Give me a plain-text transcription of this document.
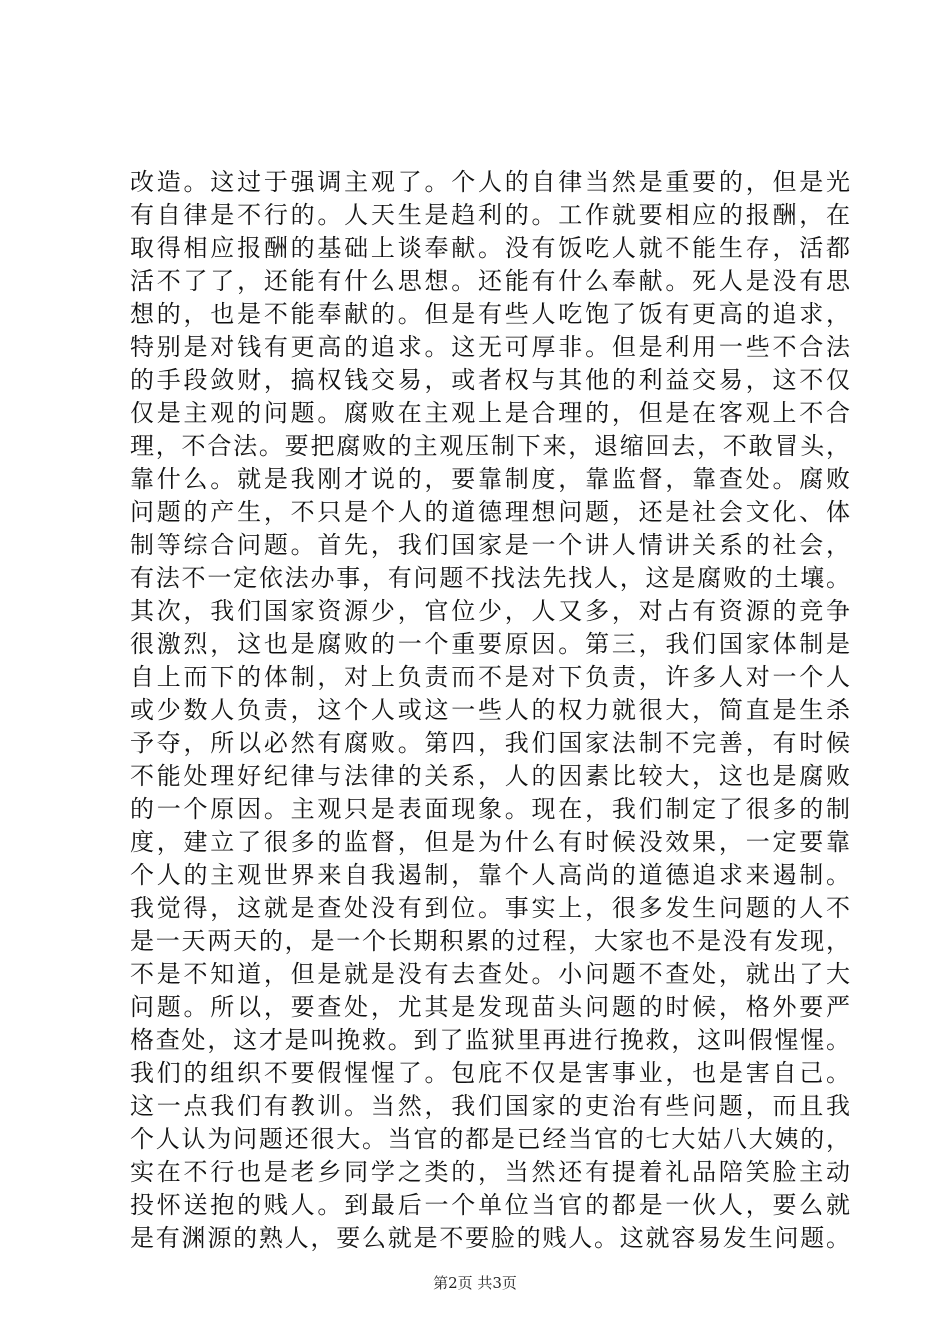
改造。这过于强调主观了。个人的自律当然是重要的，但是光
有自律是不行的。人天生是趋利的。工作就要相应的报酬，在
取得相应报酬的基础上谈奉献。没有饭吃人就不能生存，活都
活不了了，还能有什么思想。还能有什么奉献。死人是没有思
想的，也是不能奉献的。但是有些人吃饱了饭有更高的追求，
特别是对钱有更高的追求。这无可厚非。但是利用一些不合法
的手段敛财，搞权钱交易，或者权与其他的利益交易，这不仅
仅是主观的问题。腐败在主观上是合理的，但是在客观上不合
理，不合法。要把腐败的主观压制下来，退缩回去，不敢冒头，
靠什么。就是我刚才说的，要靠制度，靠监督，靠查处。腐败
问题的产生，不只是个人的道德理想问题，还是社会文化、体
制等综合问题。首先，我们国家是一个讲人情讲关系的社会，
有法不一定依法办事，有问题不找法先找人，这是腐败的土壤。
其次，我们国家资源少，官位少，人又多，对占有资源的竞争
很激烈，这也是腐败的一个重要原因。第三，我们国家体制是
自上而下的体制，对上负责而不是对下负责，许多人对一个人
或少数人负责，这个人或这一些人的权力就很大，简直是生杀
予夺，所以必然有腐败。第四，我们国家法制不完善，有时候
不能处理好纪律与法律的关系，人的因素比较大，这也是腐败
的一个原因。主观只是表面现象。现在，我们制定了很多的制
度，建立了很多的监督，但是为什么有时候没效果，一定要靠
个人的主观世界来自我遏制，靠个人高尚的道德追求来遏制。
我觉得，这就是查处没有到位。事实上，很多发生问题的人不
是一天两天的，是一个长期积累的过程，大家也不是没有发现，
不是不知道，但是就是没有去查处。小问题不查处，就出了大
问题。所以，要查处，尤其是发现苗头问题的时候，格外要严
格查处，这才是叫挽救。到了监狱里再进行挽救，这叫假惺惺。
我们的组织不要假惺惺了。包庇不仅是害事业，也是害自己。
这一点我们有教训。当然，我们国家的吏治有些问题，而且我
个人认为问题还很大。当官的都是已经当官的七大姑八大姨的，
实在不行也是老乡同学之类的，当然还有提着礼品陪笑脸主动
投怀送抱的贱人。到最后一个单位当官的都是一伙人，要么就
是有渊源的熟人，要么就是不要脸的贱人。这就容易发生问题。
第2页 共3页
